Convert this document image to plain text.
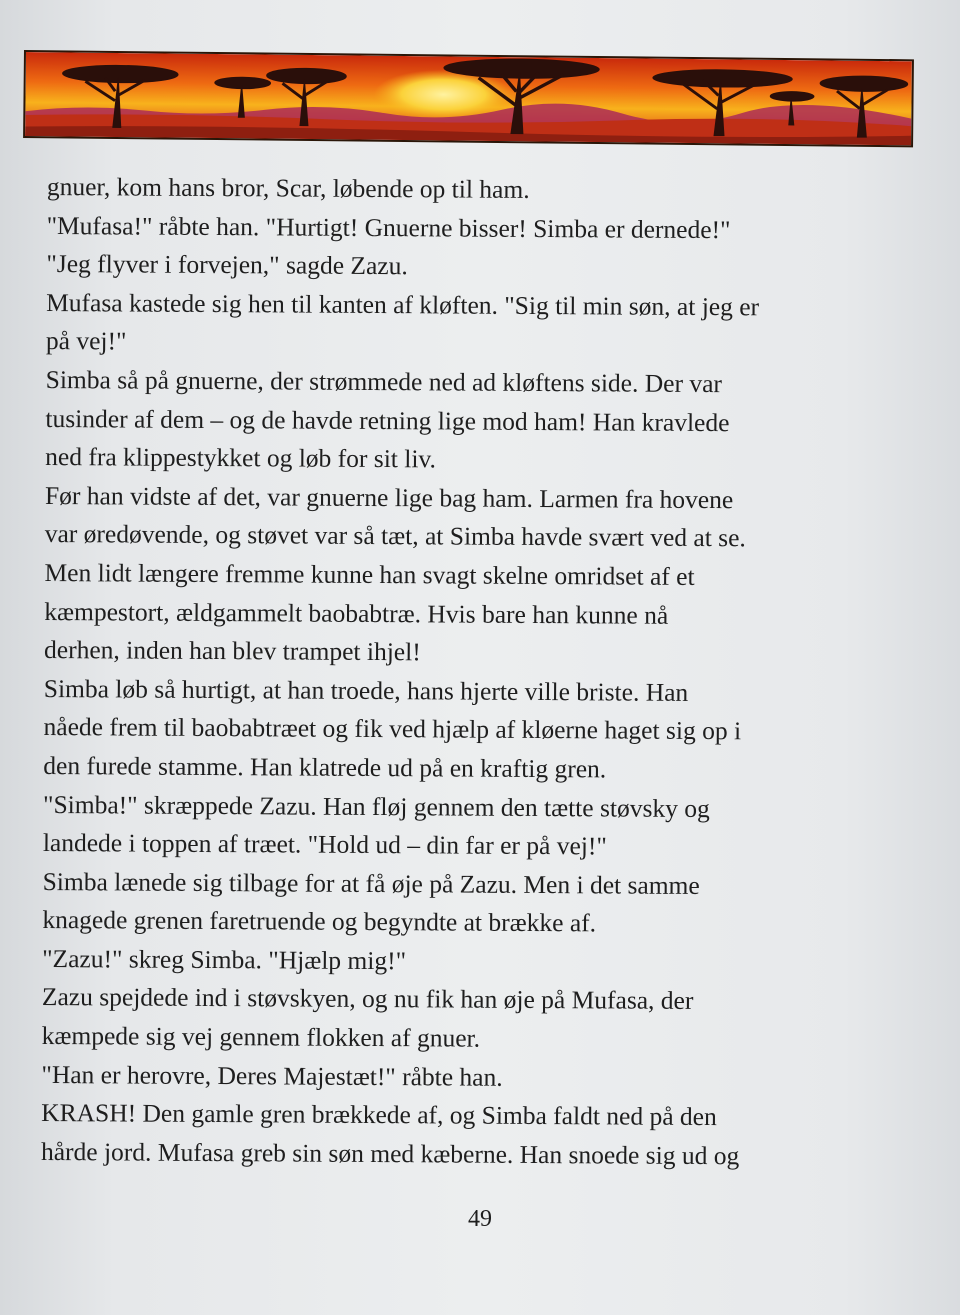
gnuer, kom hans bror, Scar, løbende op til ham.
"Mufasa!" råbte han. "Hurtigt! Gnuerne bisser! Simba er dernede!"
"Jeg flyver i forvejen," sagde Zazu.
Mufasa kastede sig hen til kanten af kløften. "Sig til min søn, at jeg er
på vej!"
Simba så på gnuerne, der strømmede ned ad kløftens side. Der var
tusinder af dem – og de havde retning lige mod ham! Han kravlede
ned fra klippestykket og løb for sit liv.
Før han vidste af det, var gnuerne lige bag ham. Larmen fra hovene
var øredøvende, og støvet var så tæt, at Simba havde svært ved at se.
Men lidt længere fremme kunne han svagt skelne omridset af et
kæmpestort, ældgammelt baobabtræ. Hvis bare han kunne nå
derhen, inden han blev trampet ihjel!
Simba løb så hurtigt, at han troede, hans hjerte ville briste. Han
nåede frem til baobabtræet og fik ved hjælp af kløerne haget sig op i
den furede stamme. Han klatrede ud på en kraftig gren.
"Simba!" skræppede Zazu. Han fløj gennem den tætte støvsky og
landede i toppen af træet. "Hold ud – din far er på vej!"
Simba lænede sig tilbage for at få øje på Zazu. Men i det samme
knagede grenen faretruende og begyndte at brække af.
"Zazu!" skreg Simba. "Hjælp mig!"
Zazu spejdede ind i støvskyen, og nu fik han øje på Mufasa, der
kæmpede sig vej gennem flokken af gnuer.
"Han er herovre, Deres Majestæt!" råbte han.
KRASH! Den gamle gren brækkede af, og Simba faldt ned på den
hårde jord. Mufasa greb sin søn med kæberne. Han snoede sig ud og
49
